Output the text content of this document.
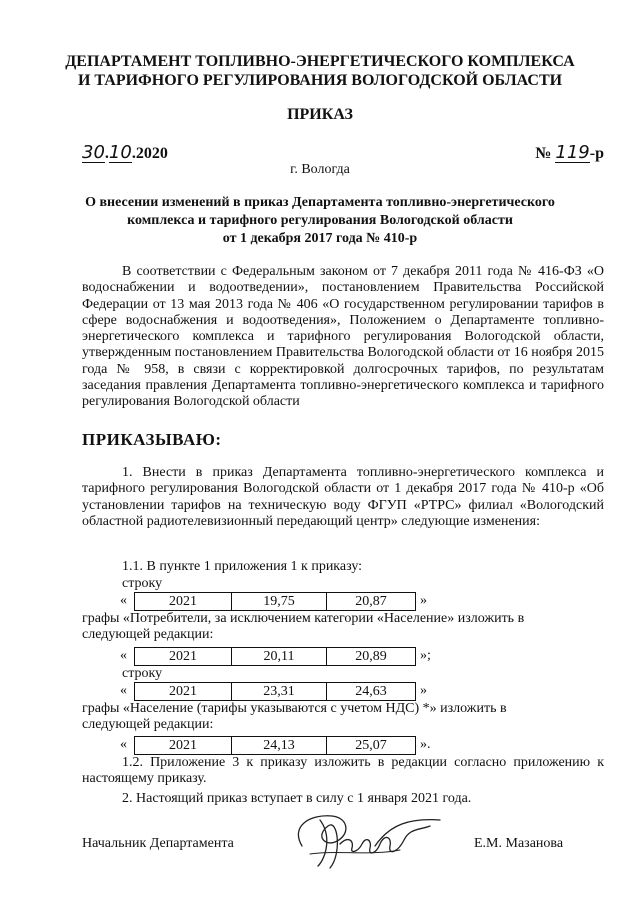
ДЕПАРТАМЕНТ ТОПЛИВНО-ЭНЕРГЕТИЧЕСКОГО КОМПЛЕКСА
И ТАРИФНОГО РЕГУЛИРОВАНИЯ ВОЛОГОДСКОЙ ОБЛАСТИ
ПРИКАЗ
30.10.2020	№ 119-р
г. Вологда
О внесении изменений в приказ Департамента топливно-энергетического
комплекса и тарифного регулирования Вологодской области
от 1 декабря 2017 года № 410-р
В соответствии с Федеральным законом от 7 декабря 2011 года № 416-ФЗ «О водоснабжении и водоотведении», постановлением Правительства Российской Федерации от 13 мая 2013 года № 406 «О государственном регулировании тарифов в сфере водоснабжения и водоотведения», Положением о Департаменте топливно-энергетического комплекса и тарифного регулирования Вологодской области, утвержденным постановлением Правительства Вологодской области от 16 ноября 2015 года № 958, в связи с корректировкой долгосрочных тарифов, по результатам заседания правления Департамента топливно-энергетического комплекса и тарифного регулирования Вологодской области
ПРИКАЗЫВАЮ:
1. Внести в приказ Департамента топливно-энергетического комплекса и тарифного регулирования Вологодской области от 1 декабря 2017 года № 410-р «Об установлении тарифов на техническую воду ФГУП «РТРС» филиал «Вологодский областной радиотелевизионный передающий центр» следующие изменения:
1.1. В пункте 1 приложения 1 к приказу:
строку
«	2021	19,75	20,87 »
графы «Потребители, за исключением категории «Население» изложить в
следующей редакции:
«	2021	20,11	20,89 »;
строку
«	2021	23,31	24,63 »
графы «Население (тарифы указываются с учетом НДС) *» изложить в
следующей редакции:
«	2021	24,13	25,07 ».
1.2. Приложение 3 к приказу изложить в редакции согласно приложению к настоящему приказу.
2. Настоящий приказ вступает в силу с 1 января 2021 года.
Начальник Департамента	Е.М. Мазанова
